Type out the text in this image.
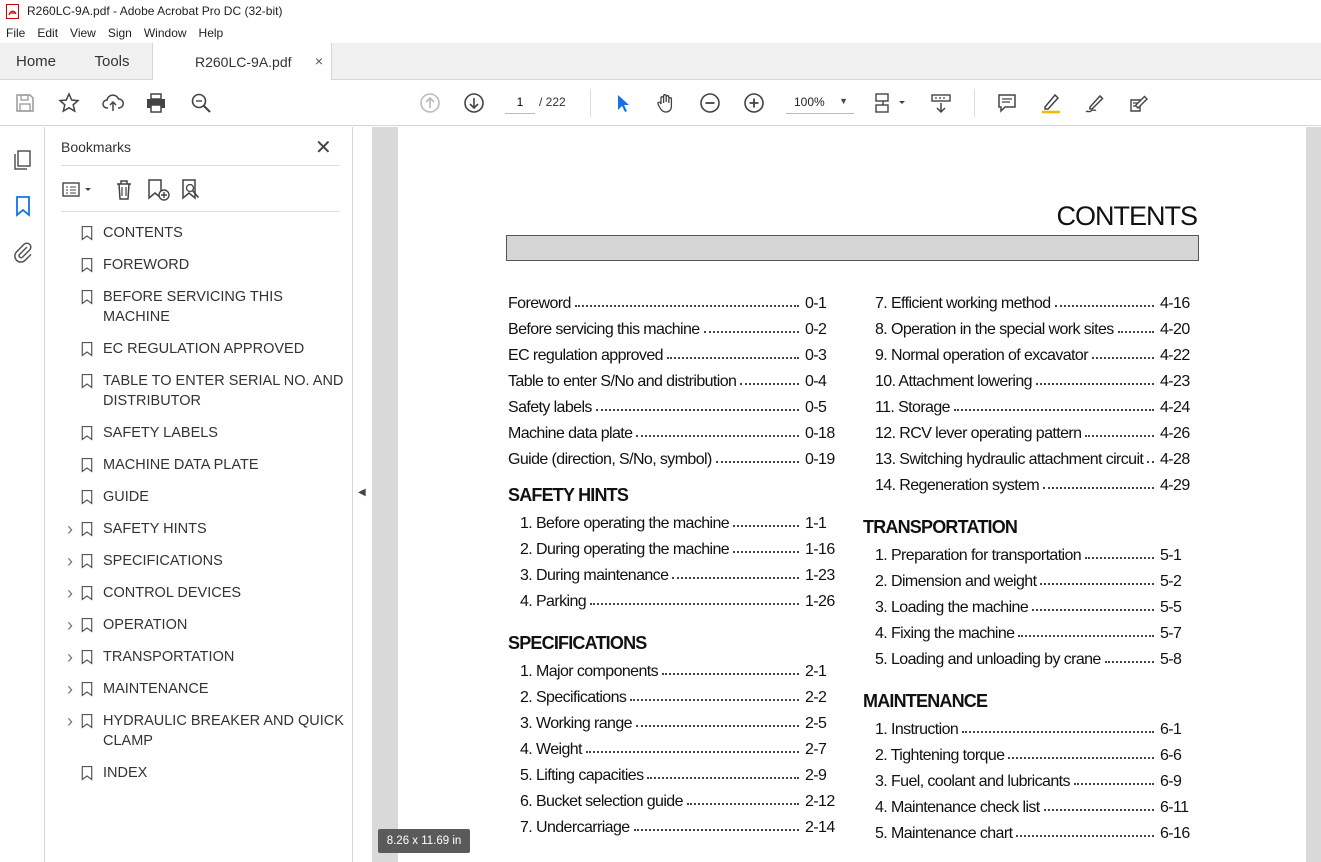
R260LC-9A.pdf - Adobe Acrobat Pro DC (32-bit)
File Edit View Sign Window Help
Home	Tools	R260LC-9A.pdf ×
1
/ 222	100% ▼
Bookmarks	✕
CONTENTS
FOREWORD
BEFORE SERVICING THIS MACHINE
EC REGULATION APPROVED
TABLE TO ENTER SERIAL NO. AND DISTRIBUTOR
SAFETY LABELS
MACHINE DATA PLATE
GUIDE
›	SAFETY HINTS
›	SPECIFICATIONS
›	CONTROL DEVICES
›	OPERATION
›	TRANSPORTATION
›	MAINTENANCE
›	HYDRAULIC BREAKER AND QUICK CLAMP
INDEX
◀
CONTENTS
Foreword	0-1
Before servicing this machine	0-2
EC regulation approved	0-3
Table to enter S/No and distribution	0-4
Safety labels	0-5
Machine data plate	0-18
Guide (direction, S/No, symbol)	0-19
SAFETY HINTS
1. Before operating the machine	1-1
2. During operating the machine	1-16
3. During maintenance	1-23
4. Parking	1-26
SPECIFICATIONS
1. Major components	2-1
2. Specifications	2-2
3. Working range	2-5
4. Weight	2-7
5. Lifting capacities	2-9
6. Bucket selection guide	2-12
7. Undercarriage	2-14
7. Efficient working method	4-16
8. Operation in the special work sites	4-20
9. Normal operation of excavator	4-22
10. Attachment lowering	4-23
11. Storage	4-24
12. RCV lever operating pattern	4-26
13. Switching hydraulic attachment circuit	4-28
14. Regeneration system	4-29
TRANSPORTATION
1. Preparation for transportation	5-1
2. Dimension and weight	5-2
3. Loading the machine	5-5
4. Fixing the machine	5-7
5. Loading and unloading by crane	5-8
MAINTENANCE
1. Instruction	6-1
2. Tightening torque	6-6
3. Fuel, coolant and lubricants	6-9
4. Maintenance check list	6-11
5. Maintenance chart	6-16
8.26 x 11.69 in
